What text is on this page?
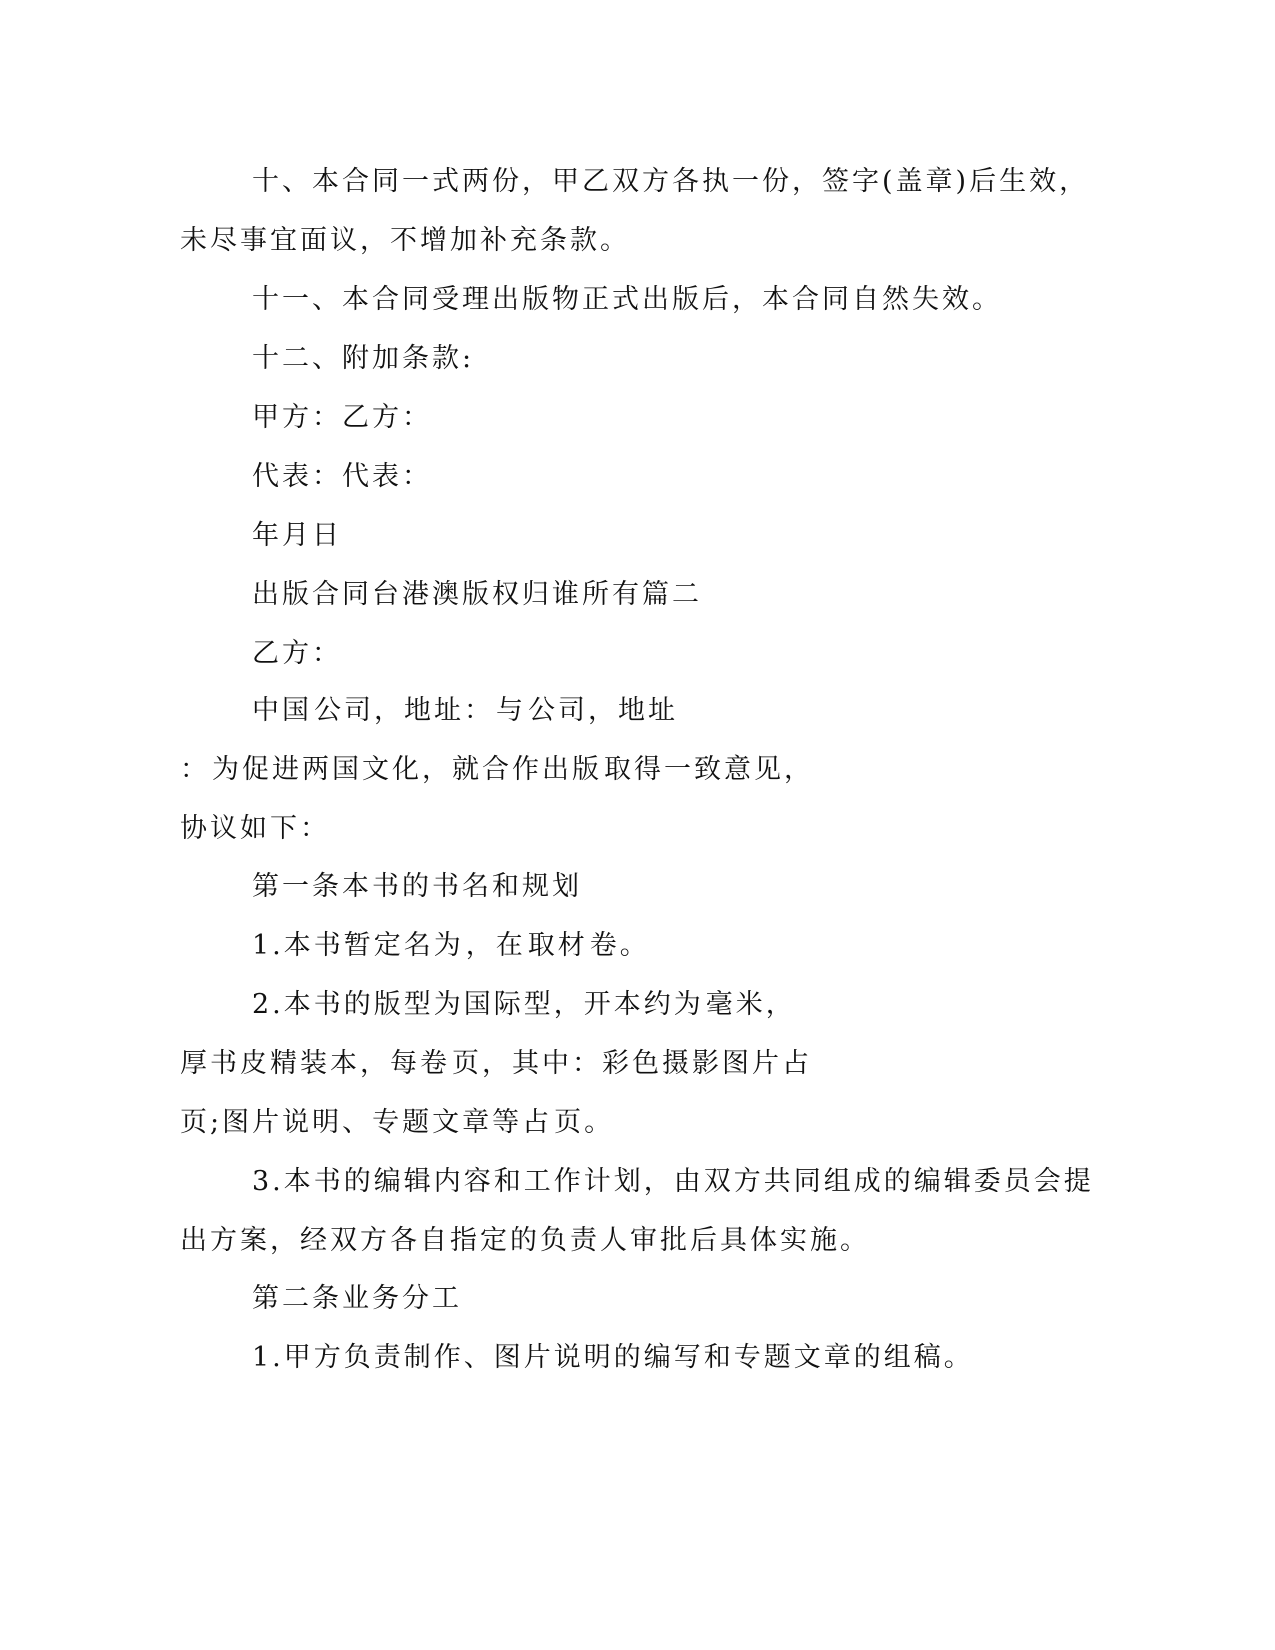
十、本合同一式两份，甲乙双方各执一份，签字(盖章)后生效，
未尽事宜面议，不增加补充条款。
十一、本合同受理出版物正式出版后，本合同自然失效。
十二、附加条款:
甲方：乙方：
代表：代表：
年月日
出版合同台港澳版权归谁所有篇二
乙方：
中国公司，地址：与公司，地址
：为促进两国文化，就合作出版取得一致意见，
协议如下：
第一条本书的书名和规划
1.本书暂定名为，在取材卷。
2.本书的版型为国际型，开本约为毫米，
厚书皮精装本，每卷页，其中：彩色摄影图片占
页;图片说明、专题文章等占页。
3.本书的编辑内容和工作计划，由双方共同组成的编辑委员会提
出方案，经双方各自指定的负责人审批后具体实施。
第二条业务分工
1.甲方负责制作、图片说明的编写和专题文章的组稿。
